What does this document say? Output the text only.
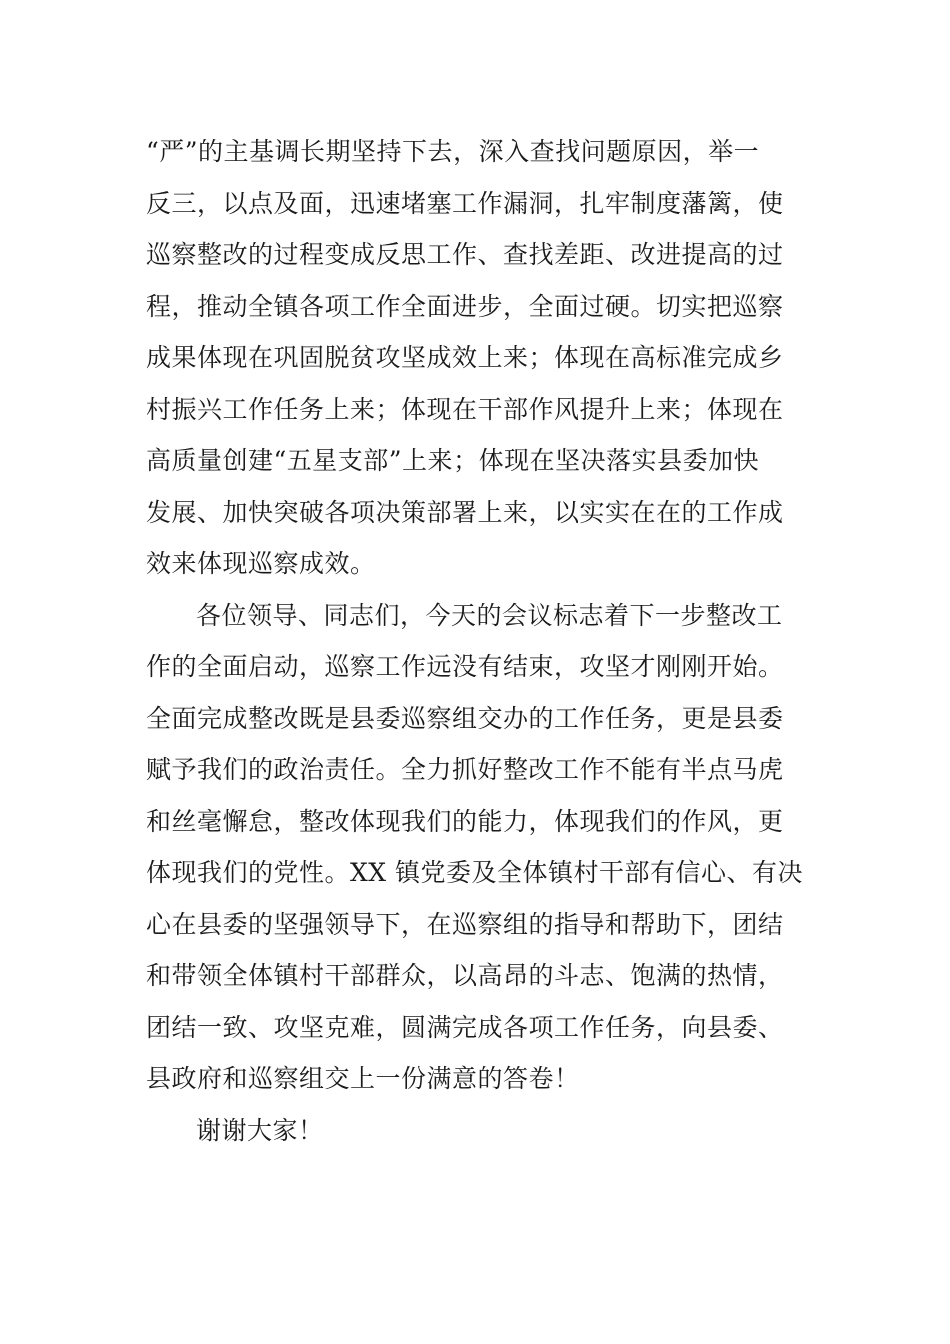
“严”的主基调长期坚持下去，深入查找问题原因，举一
反三，以点及面，迅速堵塞工作漏洞，扎牢制度藩篱，使
巡察整改的过程变成反思工作、查找差距、改进提高的过
程，推动全镇各项工作全面进步，全面过硬。切实把巡察
成果体现在巩固脱贫攻坚成效上来；体现在高标准完成乡
村振兴工作任务上来；体现在干部作风提升上来；体现在
高质量创建“五星支部”上来；体现在坚决落实县委加快
发展、加快突破各项决策部署上来，以实实在在的工作成
效来体现巡察成效。
各位领导、同志们，今天的会议标志着下一步整改工
作的全面启动，巡察工作远没有结束，攻坚才刚刚开始。
全面完成整改既是县委巡察组交办的工作任务，更是县委
赋予我们的政治责任。全力抓好整改工作不能有半点马虎
和丝毫懈怠，整改体现我们的能力，体现我们的作风，更
体现我们的党性。XX 镇党委及全体镇村干部有信心、有决
心在县委的坚强领导下，在巡察组的指导和帮助下，团结
和带领全体镇村干部群众，以高昂的斗志、饱满的热情，
团结一致、攻坚克难，圆满完成各项工作任务，向县委、
县政府和巡察组交上一份满意的答卷！
谢谢大家！
